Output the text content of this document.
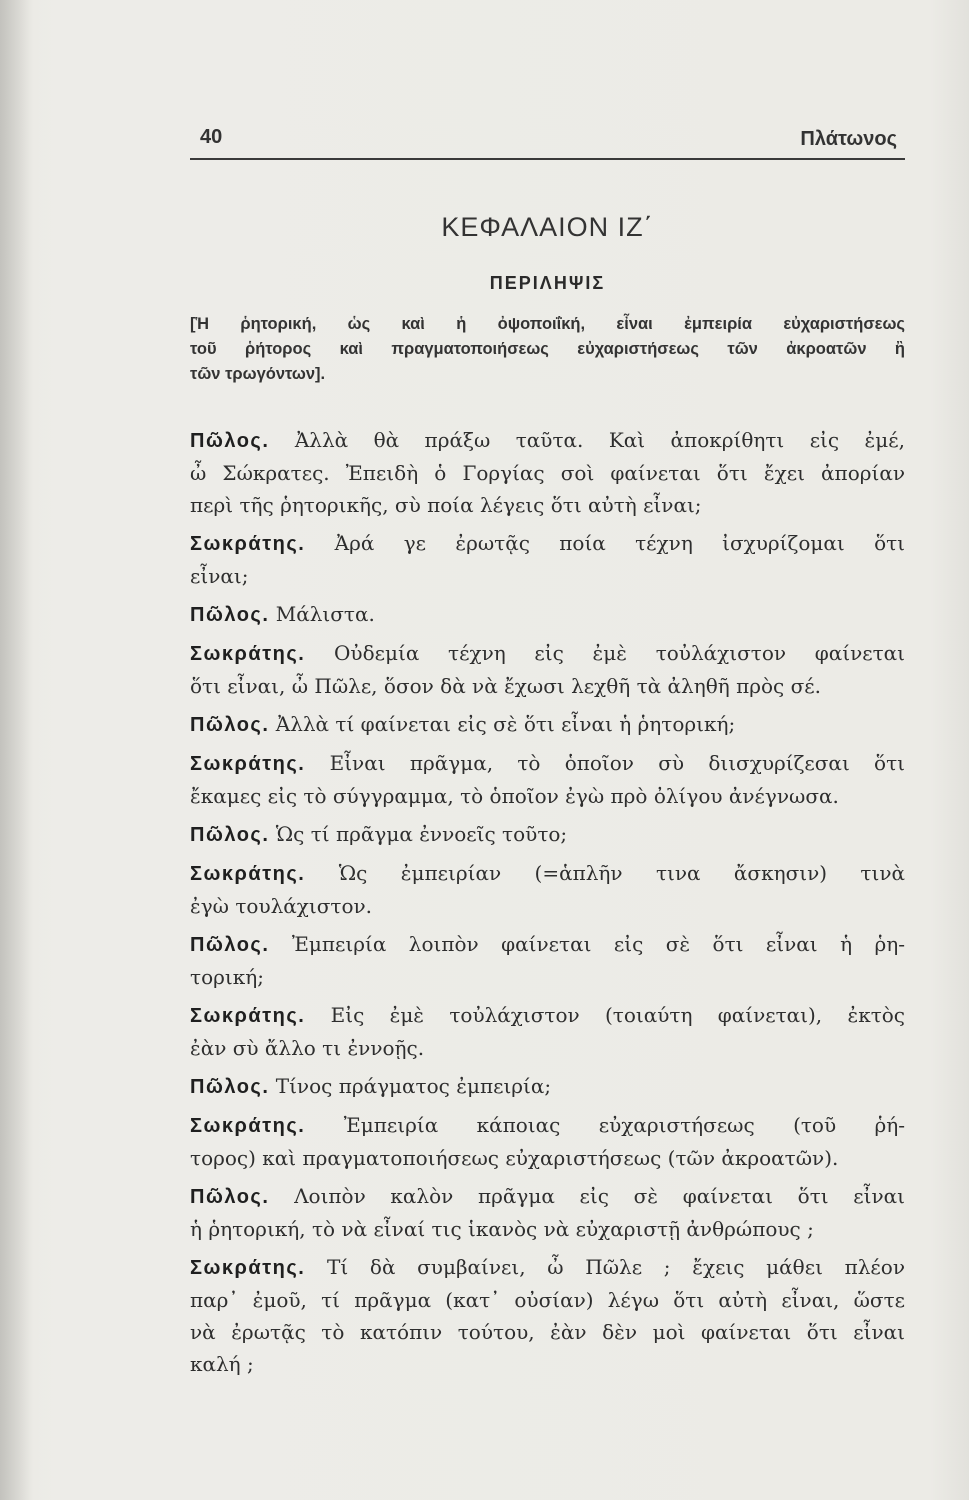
40	Πλάτωνος
ΚΕΦΑΛΑΙΟΝ ΙΖ΄
ΠΕΡΙΛΗΨΙΣ
[Ἡ ῥητορική, ὡς καὶ ἡ ὀψοποιΐκή, εἶναι ἐμπειρία εὐχαριστήσεως
τοῦ ῥήτορος καὶ πραγματοποιήσεως εὐχαριστήσεως τῶν ἀκροατῶν ἢ
τῶν τρωγόντων].
Πῶλος. Ἀλλὰ θὰ πράξω ταῦτα. Καὶ ἀποκρίθητι εἰς ἐμέ,
ὦ Σώκρατες. Ἐπειδὴ ὁ Γοργίας σοὶ φαίνεται ὅτι ἔχει ἀπορίαν
περὶ τῆς ῥητορικῆς, σὺ ποία λέγεις ὅτι αὐτὴ εἶναι;
Σωκράτης. Ἀρά γε ἐρωτᾷς ποία τέχνη ἰσχυρίζομαι ὅτι
εἶναι;
Πῶλος. Μάλιστα.
Σωκράτης. Οὐδεμία τέχνη εἰς ἐμὲ τοὐλάχιστον φαίνεται
ὅτι εἶναι, ὦ Πῶλε, ὅσον δὰ νὰ ἔχωσι λεχθῆ τὰ ἀληθῆ πρὸς σέ.
Πῶλος. Ἀλλὰ τί φαίνεται εἰς σὲ ὅτι εἶναι ἡ ῥητορική;
Σωκράτης. Εἶναι πρᾶγμα, τὸ ὁποῖον σὺ διισχυρίζεσαι ὅτι
ἔκαμες εἰς τὸ σύγγραμμα, τὸ ὁποῖον ἐγὼ πρὸ ὀλίγου ἀνέγνωσα.
Πῶλος. Ὡς τί πρᾶγμα ἐννοεῖς τοῦτο;
Σωκράτης. Ὡς ἐμπειρίαν (=ἁπλῆν τινα ἄσκησιν) τινὰ
ἐγὼ τουλάχιστον.
Πῶλος. Ἐμπειρία λοιπὸν φαίνεται εἰς σὲ ὅτι εἶναι ἡ ῥη-
τορική;
Σωκράτης. Εἰς ἐμὲ τοὐλάχιστον (τοιαύτη φαίνεται), ἐκτὸς
ἐὰν σὺ ἄλλο τι ἐννοῇς.
Πῶλος. Τίνος πράγματος ἐμπειρία;
Σωκράτης. Ἐμπειρία κάποιας εὐχαριστήσεως (τοῦ ῥή-
τορος) καὶ πραγματοποιήσεως εὐχαριστήσεως (τῶν ἀκροατῶν).
Πῶλος. Λοιπὸν καλὸν πρᾶγμα εἰς σὲ φαίνεται ὅτι εἶναι
ἡ ῥητορική, τὸ νὰ εἶναί τις ἱκανὸς νὰ εὐχαριστῇ ἀνθρώπους ;
Σωκράτης. Τί δὰ συμβαίνει, ὦ Πῶλε ; ἔχεις μάθει πλέον
παρ᾽ ἐμοῦ, τί πρᾶγμα (κατ᾽ οὐσίαν) λέγω ὅτι αὐτὴ εἶναι, ὥστε
νὰ ἐρωτᾷς τὸ κατόπιν τούτου, ἐὰν δὲν μοὶ φαίνεται ὅτι εἶναι
καλή ;
